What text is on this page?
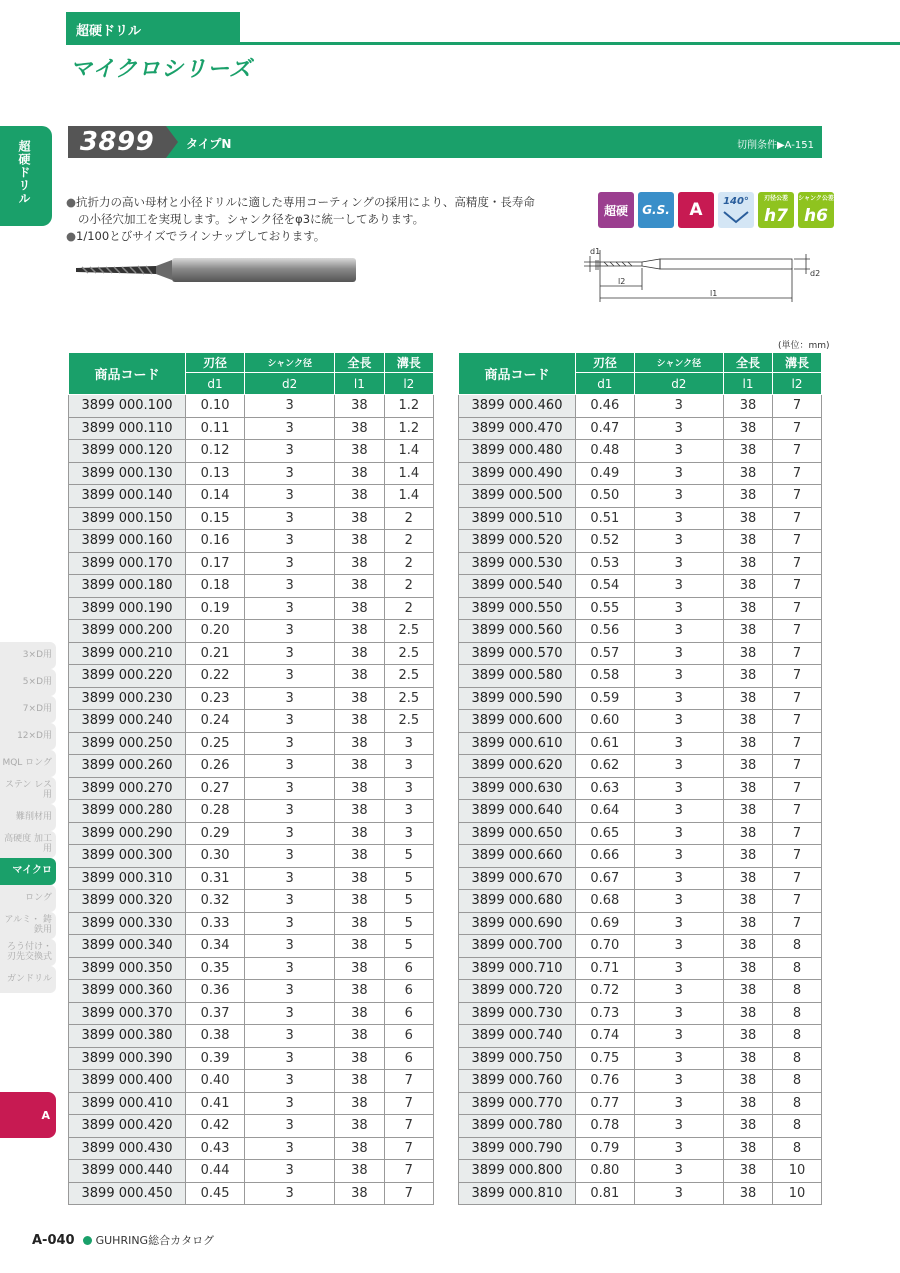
超硬ドリル
マイクロシリーズ
超硬ドリル
3×D用
5×D用
7×D用
12×D用
MQL ロング
ステン レス用
難削材用
高硬度 加工用
マイクロ
ロング
アルミ・ 鋳鉄用
ろう付け・ 刃先交換式
ガンドリル
A
3899	タイプN	切削条件▶A-151

●抗折力の高い母材と小径ドリルに適した専用コーティングの採用により、高精度・長寿命の小径穴加工を実現します。シャンク径をφ3に統一してあります。

●1/100とびサイズでラインナップしております。

超硬	G.S.	A	140°	刃径公差
h7
シャンク公差
h6
d1
d2
l2
l1
(単位：mm)
商品コード	刃径	シャンク径	全長	溝長
	d1	d2	l1	l2
3899 000.100	0.10	3	38	1.2
3899 000.110	0.11	3	38	1.2
3899 000.120	0.12	3	38	1.4
3899 000.130	0.13	3	38	1.4
3899 000.140	0.14	3	38	1.4
3899 000.150	0.15	3	38	2
3899 000.160	0.16	3	38	2
3899 000.170	0.17	3	38	2
3899 000.180	0.18	3	38	2
3899 000.190	0.19	3	38	2
3899 000.200	0.20	3	38	2.5
3899 000.210	0.21	3	38	2.5
3899 000.220	0.22	3	38	2.5
3899 000.230	0.23	3	38	2.5
3899 000.240	0.24	3	38	2.5
3899 000.250	0.25	3	38	3
3899 000.260	0.26	3	38	3
3899 000.270	0.27	3	38	3
3899 000.280	0.28	3	38	3
3899 000.290	0.29	3	38	3
3899 000.300	0.30	3	38	5
3899 000.310	0.31	3	38	5
3899 000.320	0.32	3	38	5
3899 000.330	0.33	3	38	5
3899 000.340	0.34	3	38	5
3899 000.350	0.35	3	38	6
3899 000.360	0.36	3	38	6
3899 000.370	0.37	3	38	6
3899 000.380	0.38	3	38	6
3899 000.390	0.39	3	38	6
3899 000.400	0.40	3	38	7
3899 000.410	0.41	3	38	7
3899 000.420	0.42	3	38	7
3899 000.430	0.43	3	38	7
3899 000.440	0.44	3	38	7
3899 000.450	0.45	3	38	7
商品コード	刃径	シャンク径	全長	溝長
	d1	d2	l1	l2
3899 000.460	0.46	3	38	7
3899 000.470	0.47	3	38	7
3899 000.480	0.48	3	38	7
3899 000.490	0.49	3	38	7
3899 000.500	0.50	3	38	7
3899 000.510	0.51	3	38	7
3899 000.520	0.52	3	38	7
3899 000.530	0.53	3	38	7
3899 000.540	0.54	3	38	7
3899 000.550	0.55	3	38	7
3899 000.560	0.56	3	38	7
3899 000.570	0.57	3	38	7
3899 000.580	0.58	3	38	7
3899 000.590	0.59	3	38	7
3899 000.600	0.60	3	38	7
3899 000.610	0.61	3	38	7
3899 000.620	0.62	3	38	7
3899 000.630	0.63	3	38	7
3899 000.640	0.64	3	38	7
3899 000.650	0.65	3	38	7
3899 000.660	0.66	3	38	7
3899 000.670	0.67	3	38	7
3899 000.680	0.68	3	38	7
3899 000.690	0.69	3	38	7
3899 000.700	0.70	3	38	8
3899 000.710	0.71	3	38	8
3899 000.720	0.72	3	38	8
3899 000.730	0.73	3	38	8
3899 000.740	0.74	3	38	8
3899 000.750	0.75	3	38	8
3899 000.760	0.76	3	38	8
3899 000.770	0.77	3	38	8
3899 000.780	0.78	3	38	8
3899 000.790	0.79	3	38	8
3899 000.800	0.80	3	38	10
3899 000.810	0.81	3	38	10
A-040 GUHRING総合カタログ
